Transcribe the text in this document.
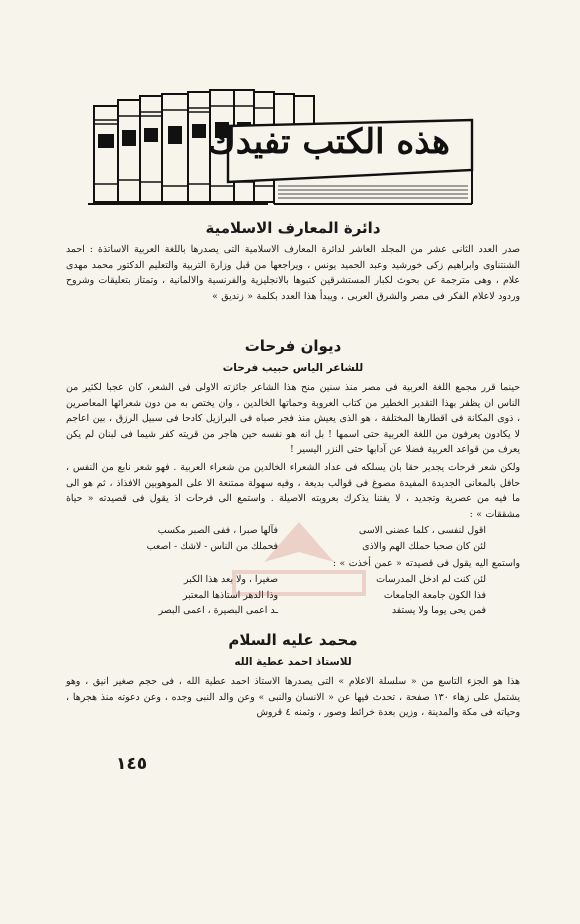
هذه الكتب تفيدك
دائرة المعارف الاسلامية

صدر العدد الثانى عشر من المجلد العاشر لدائرة المعارف الاسلامية التى يصدرها باللغة العربية الاساتذة : احمد الشنتناوى وابراهيم زكى خورشيد وعبد الحميد يونس ، ويراجعها من قبل وزارة التربية والتعليم الدكتور محمد مهدى علام ، وهى مترجمة عن بحوث لكبار المستشرقين كتبوها بالانجليزية والفرنسية والالمانية ، وتمتاز بتعليقات وشروح وردود لاعلام الفكر فى مصر والشرق العربى ، ويبدأ هذا العدد بكلمة « زنديق »

ديوان فرحات
للشاعر الياس حبيب فرحات

حينما قرر مجمع اللغة العربية فى مصر منذ سنين منح هذا الشاعر جائزته الاولى فى الشعر، كان عجبا لكثير من الناس ان يظفر بهذا التقدير الخطير من كتاب العروبة وحماتها الخالدين ، وان يختص به من دون شعرائها المعاصرين ، ذوى المكانة فى اقطارها المختلفة ، هو الذى يعيش منذ فجر صباه فى البرازيل كادحا فى سبيل الرزق ، بين اعاجم لا يكادون يعرفون من اللغة العربية حتى اسمها ! بل انه هو نفسه حين هاجر من قريته كفر شيما فى لبنان لم يكن يعرف من قواعد العربية فضلا عن آدابها حتى النزر اليسير !

ولكن شعر فرحات يجدير حقا بان يسلكه فى عداد الشعراء الخالدين من شعراء العربية . فهو شعر نابع من النفس ، حافل بالمعانى الجديدة المفيدة مصوغ فى قوالب بديعة ، وفيه سهولة ممتنعة الا على الموهوبين الافذاذ ، ثم هو الى ما فيه من عصرية وتجديد ، لا يفتنا يذكرك بعروبته الاصيلة . واستمع الى فرحات اذ يقول فى قصيدته « حياة مشققات » :

اقول لنفسى ، كلما عضنى الاسى
فآلها صبرا ، ففى الصبر مكسب
لئن كان صحبا حملك الهم والاذى
فحملك من الناس - لاشك - اصعب

واستمع اليه يقول فى قصيدته « عمن أخذت » :

لئن كنت لم ادخل المدرسات
صغيرا ، ولا بعد هذا الكبر
فذا الكون جامعة الجامعات
وذا الدهر استاذها المعتبر
فمن يحى يوما ولا يستفد
ـد اعمى البصيرة ، اعمى البصر
محمد عليه السلام
للاستاذ احمد عطية الله

هذا هو الجزء التاسع من « سلسلة الاعلام » التى يصدرها الاستاذ احمد عطية الله ، فى حجم صغير انيق ، وهو يشتمل على زهاء ١٣٠ صفحة ، تحدث فيها عن « الانسان والنبى » وعن والد النبى وجده ، وعن دعوته منذ هجرها ، وحياته فى مكة والمدينة ، وزين بعدة خرائط وصور ، وثمنه ٤ قروش

١٤٥
